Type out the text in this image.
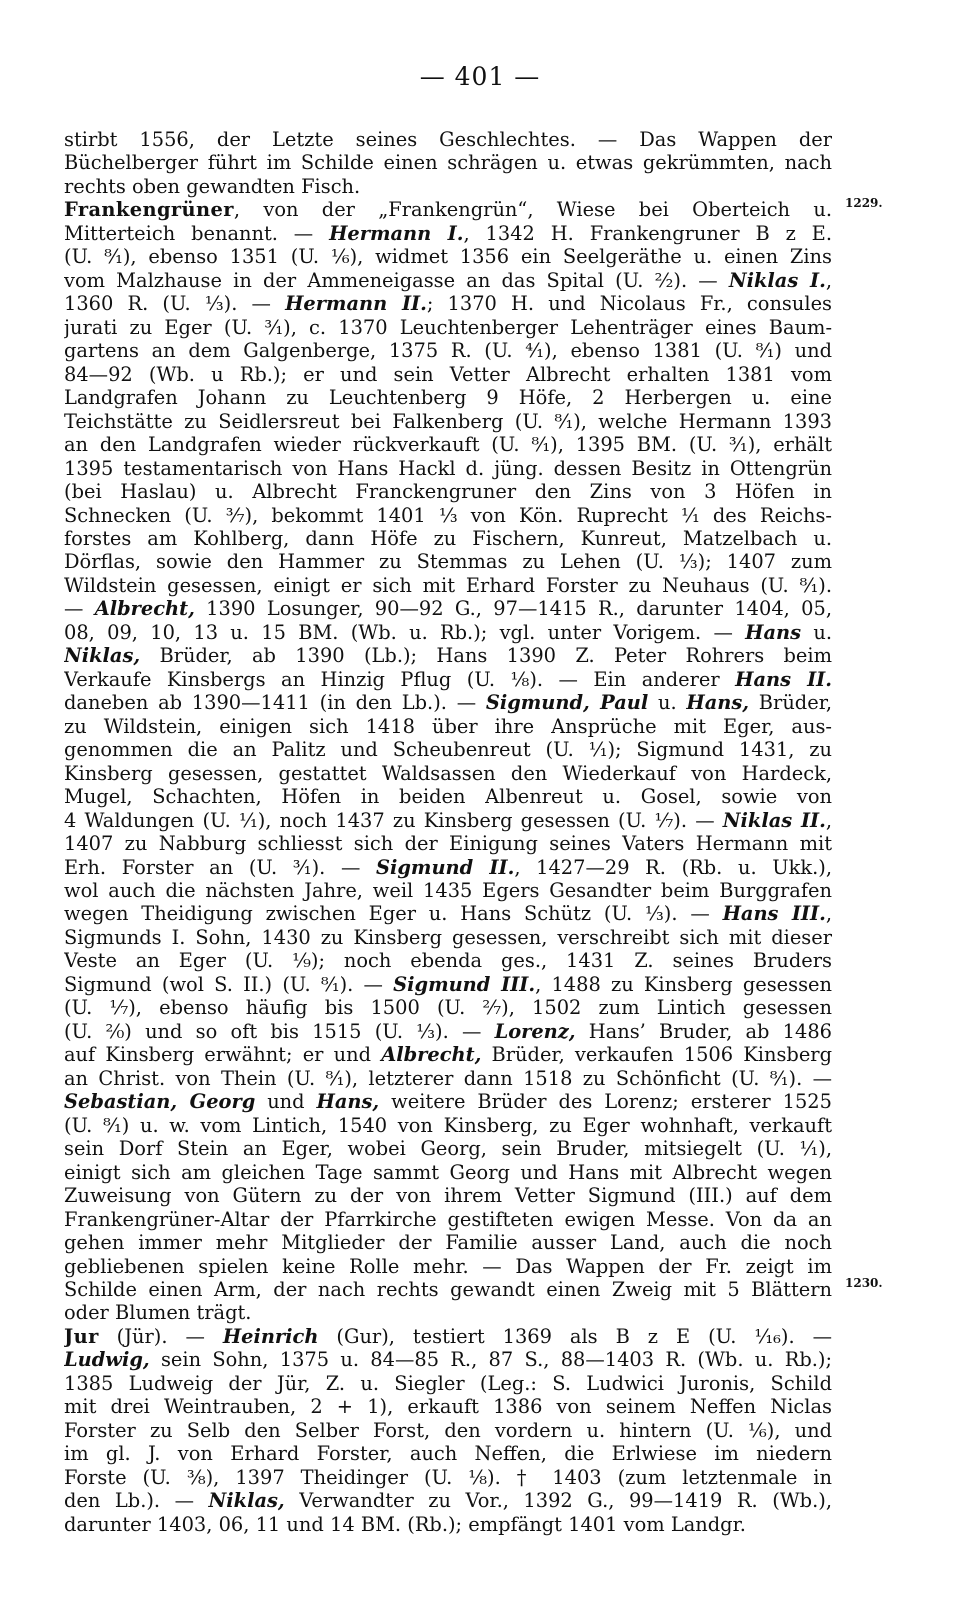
— 401 —
1229.
1230.
stirbt 1556, der Letzte seines Geschlechtes. — Das Wappen der
Büchelberger führt im Schilde einen schrägen u. etwas gekrümmten, nach
rechts oben gewandten Fisch.
Frankengrüner, von der „Frankengrün“, Wiese bei Oberteich u.
Mitterteich benannt. — Hermann I., 1342 H. Frankengruner B z E.
(U. ⁸⁄₁), ebenso 1351 (U. ¹⁄₆), widmet 1356 ein Seelgeräthe u. einen Zins
vom Malzhause in der Ammeneigasse an das Spital (U. ²⁄₂). — Niklas I.,
1360 R. (U. ¹⁄₃). — Hermann II.; 1370 H. und Nicolaus Fr., consules
jurati zu Eger (U. ³⁄₁), c. 1370 Leuchtenberger Lehenträger eines Baum-
gartens an dem Galgenberge, 1375 R. (U. ⁴⁄₁), ebenso 1381 (U. ⁸⁄₁) und
84—92 (Wb. u Rb.); er und sein Vetter Albrecht erhalten 1381 vom
Landgrafen Johann zu Leuchtenberg 9 Höfe, 2 Herbergen u. eine
Teichstätte zu Seidlersreut bei Falkenberg (U. ⁸⁄₁), welche Hermann 1393
an den Landgrafen wieder rückverkauft (U. ⁸⁄₁), 1395 BM. (U. ³⁄₁), erhält
1395 testamentarisch von Hans Hackl d. jüng. dessen Besitz in Ottengrün
(bei Haslau) u. Albrecht Franckengruner den Zins von 3 Höfen in
Schnecken (U. ³⁄₇), bekommt 1401 ¹⁄₃ von Kön. Ruprecht ¹⁄₁ des Reichs-
forstes am Kohlberg, dann Höfe zu Fischern, Kunreut, Matzelbach u.
Dörflas, sowie den Hammer zu Stemmas zu Lehen (U. ¹⁄₃); 1407 zum
Wildstein gesessen, einigt er sich mit Erhard Forster zu Neuhaus (U. ⁸⁄₁).
— Albrecht, 1390 Losunger, 90—92 G., 97—1415 R., darunter 1404, 05,
08, 09, 10, 13 u. 15 BM. (Wb. u. Rb.); vgl. unter Vorigem. — Hans u.
Niklas, Brüder, ab 1390 (Lb.); Hans 1390 Z. Peter Rohrers beim
Verkaufe Kinsbergs an Hinzig Pflug (U. ¹⁄₈). — Ein anderer Hans II.
daneben ab 1390—1411 (in den Lb.). — Sigmund, Paul u. Hans, Brüder,
zu Wildstein, einigen sich 1418 über ihre Ansprüche mit Eger, aus-
genommen die an Palitz und Scheubenreut (U. ¹⁄₁); Sigmund 1431, zu
Kinsberg gesessen, gestattet Waldsassen den Wiederkauf von Hardeck,
Mugel, Schachten, Höfen in beiden Albenreut u. Gosel, sowie von
4 Waldungen (U. ¹⁄₁), noch 1437 zu Kinsberg gesessen (U. ¹⁄₇). — Niklas II.,
1407 zu Nabburg schliesst sich der Einigung seines Vaters Hermann mit
Erh. Forster an (U. ³⁄₁). — Sigmund II., 1427—29 R. (Rb. u. Ukk.),
wol auch die nächsten Jahre, weil 1435 Egers Gesandter beim Burggrafen
wegen Theidigung zwischen Eger u. Hans Schütz (U. ¹⁄₃). — Hans III.,
Sigmunds I. Sohn, 1430 zu Kinsberg gesessen, verschreibt sich mit dieser
Veste an Eger (U. ¹⁄₉); noch ebenda ges., 1431 Z. seines Bruders
Sigmund (wol S. II.) (U. ⁸⁄₁). — Sigmund III., 1488 zu Kinsberg gesessen
(U. ¹⁄₇), ebenso häufig bis 1500 (U. ²⁄₇), 1502 zum Lintich gesessen
(U. ²⁄₀) und so oft bis 1515 (U. ¹⁄₃). — Lorenz, Hans’ Bruder, ab 1486
auf Kinsberg erwähnt; er und Albrecht, Brüder, verkaufen 1506 Kinsberg
an Christ. von Thein (U. ⁸⁄₁), letzterer dann 1518 zu Schönficht (U. ⁸⁄₁). —
Sebastian, Georg und Hans, weitere Brüder des Lorenz; ersterer 1525
(U. ⁸⁄₁) u. w. vom Lintich, 1540 von Kinsberg, zu Eger wohnhaft, verkauft
sein Dorf Stein an Eger, wobei Georg, sein Bruder, mitsiegelt (U. ¹⁄₁),
einigt sich am gleichen Tage sammt Georg und Hans mit Albrecht wegen
Zuweisung von Gütern zu der von ihrem Vetter Sigmund (III.) auf dem
Frankengrüner-Altar der Pfarrkirche gestifteten ewigen Messe. Von da an
gehen immer mehr Mitglieder der Familie ausser Land, auch die noch
gebliebenen spielen keine Rolle mehr. — Das Wappen der Fr. zeigt im
Schilde einen Arm, der nach rechts gewandt einen Zweig mit 5 Blättern
oder Blumen trägt.
Jur (Jür). — Heinrich (Gur), testiert 1369 als B z E (U. ¹⁄₁₆). —
Ludwig, sein Sohn, 1375 u. 84—85 R., 87 S., 88—1403 R. (Wb. u. Rb.);
1385 Ludweig der Jür, Z. u. Siegler (Leg.: S. Ludwici Juronis, Schild
mit drei Weintrauben, 2 + 1), erkauft 1386 von seinem Neffen Niclas
Forster zu Selb den Selber Forst, den vordern u. hintern (U. ¹⁄₆), und
im gl. J. von Erhard Forster, auch Neffen, die Erlwiese im niedern
Forste (U. ³⁄₈), 1397 Theidinger (U. ¹⁄₈). † 1403 (zum letztenmale in
den Lb.). — Niklas, Verwandter zu Vor., 1392 G., 99—1419 R. (Wb.),
darunter 1403, 06, 11 und 14 BM. (Rb.); empfängt 1401 vom Landgr.
